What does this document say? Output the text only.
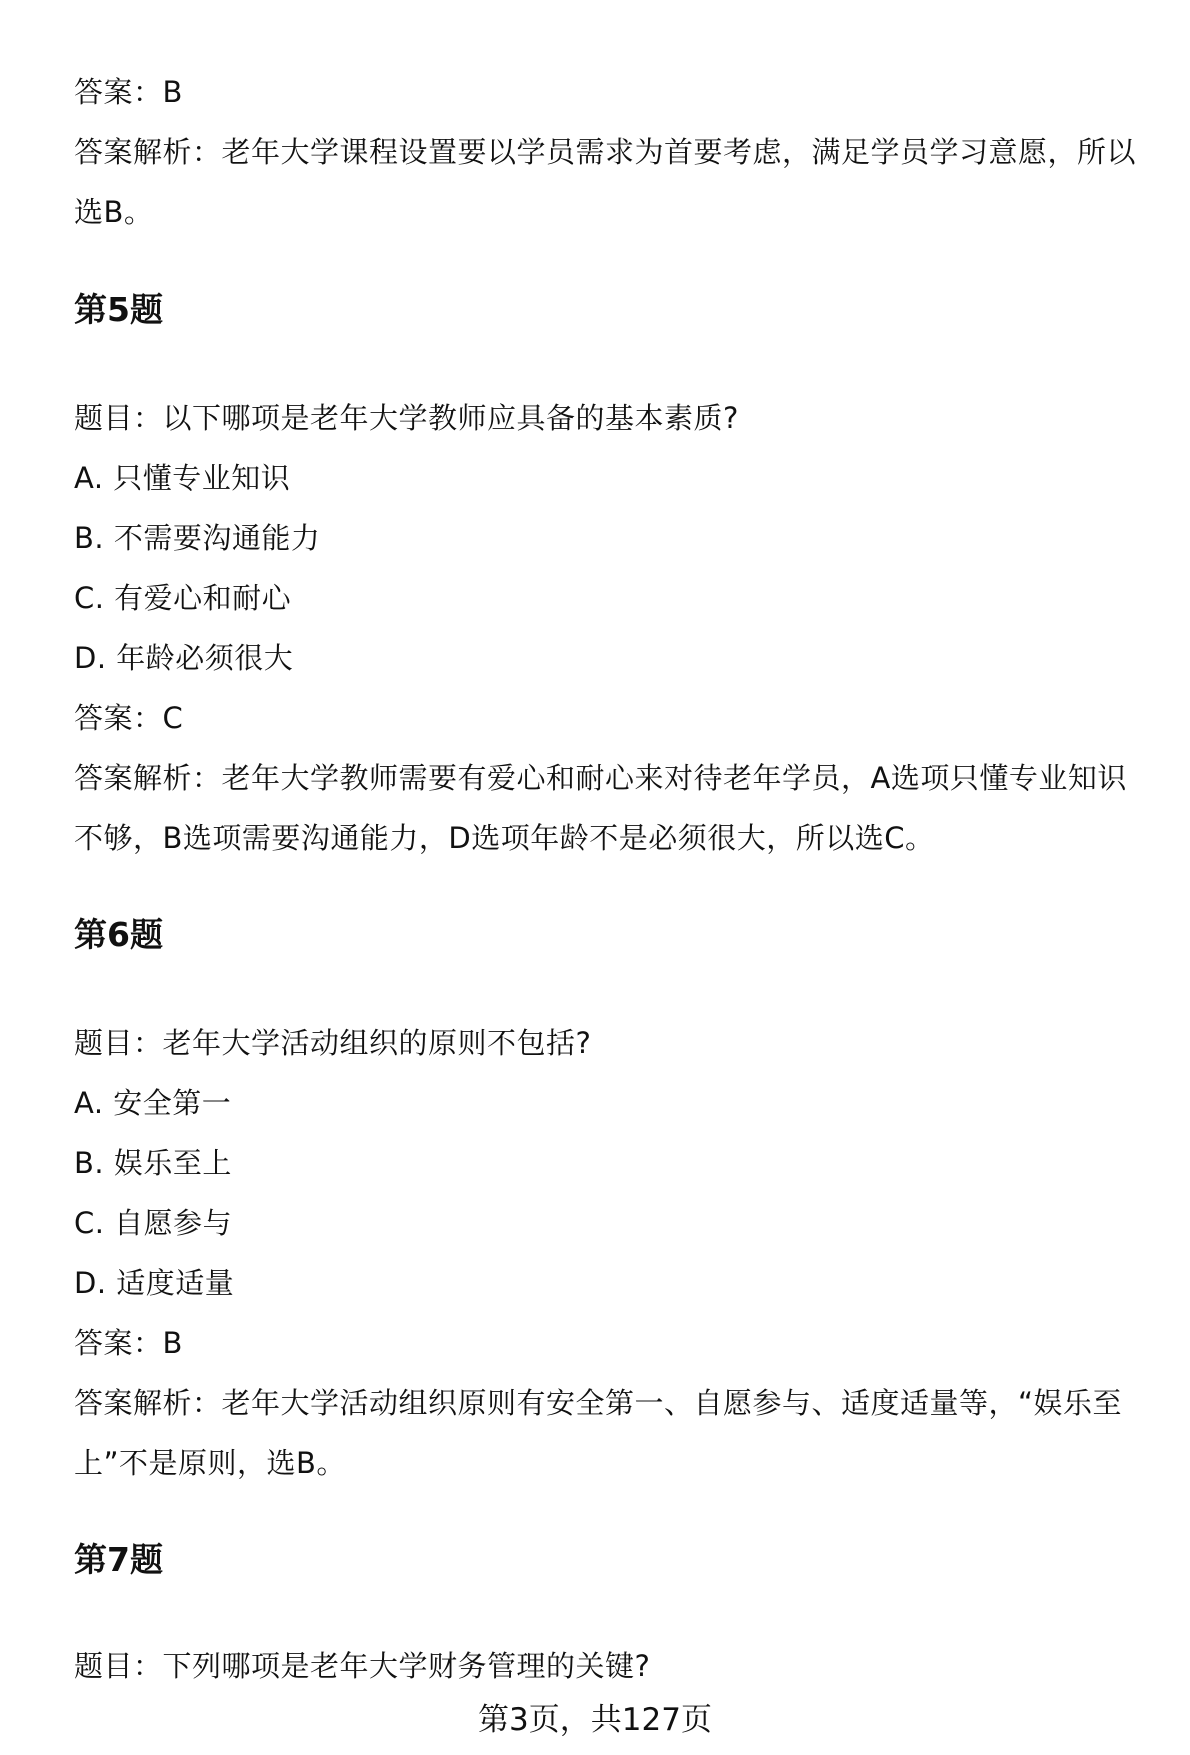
答案：B
答案解析：老年大学课程设置要以学员需求为首要考虑，满足学员学习意愿，所以
选B。
第5题
题目：以下哪项是老年大学教师应具备的基本素质?
A. 只懂专业知识
B. 不需要沟通能力
C. 有爱心和耐心
D. 年龄必须很大
答案：C
答案解析：老年大学教师需要有爱心和耐心来对待老年学员，A选项只懂专业知识
不够，B选项需要沟通能力，D选项年龄不是必须很大，所以选C。
第6题
题目：老年大学活动组织的原则不包括?
A. 安全第一
B. 娱乐至上
C. 自愿参与
D. 适度适量
答案：B
答案解析：老年大学活动组织原则有安全第一、自愿参与、适度适量等，“娱乐至
上”不是原则，选B。
第7题
题目：下列哪项是老年大学财务管理的关键?
第3页，共127页
